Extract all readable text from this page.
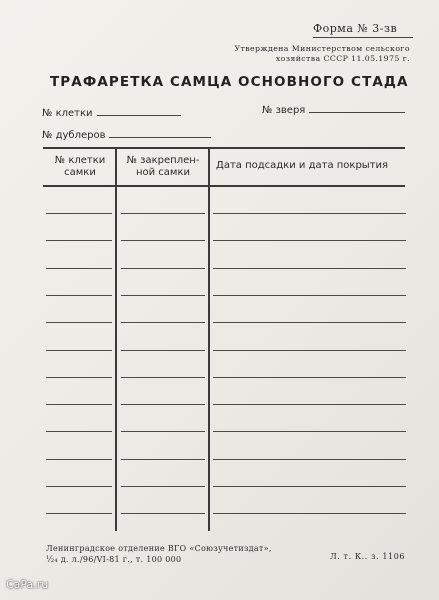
Форма № 3-зв
Утверждена Министерством сельского
хозяйства СССР 11.05.1975 г.
ТРАФАРЕТКА САМЦА ОСНОВНОГО СТАДА
№ клетки	№ зверя
№ дублеров
№ клетки
самки
№ закреплен-
ной самки
Дата подсадки и дата покрытия
Ленинградское отделение ВГО «Союзучетиздат»,
⅟₂₄ д. л./96/VI-81 г., т. 100 000	Л. т. К.. з. 1106
CaPa.ru
